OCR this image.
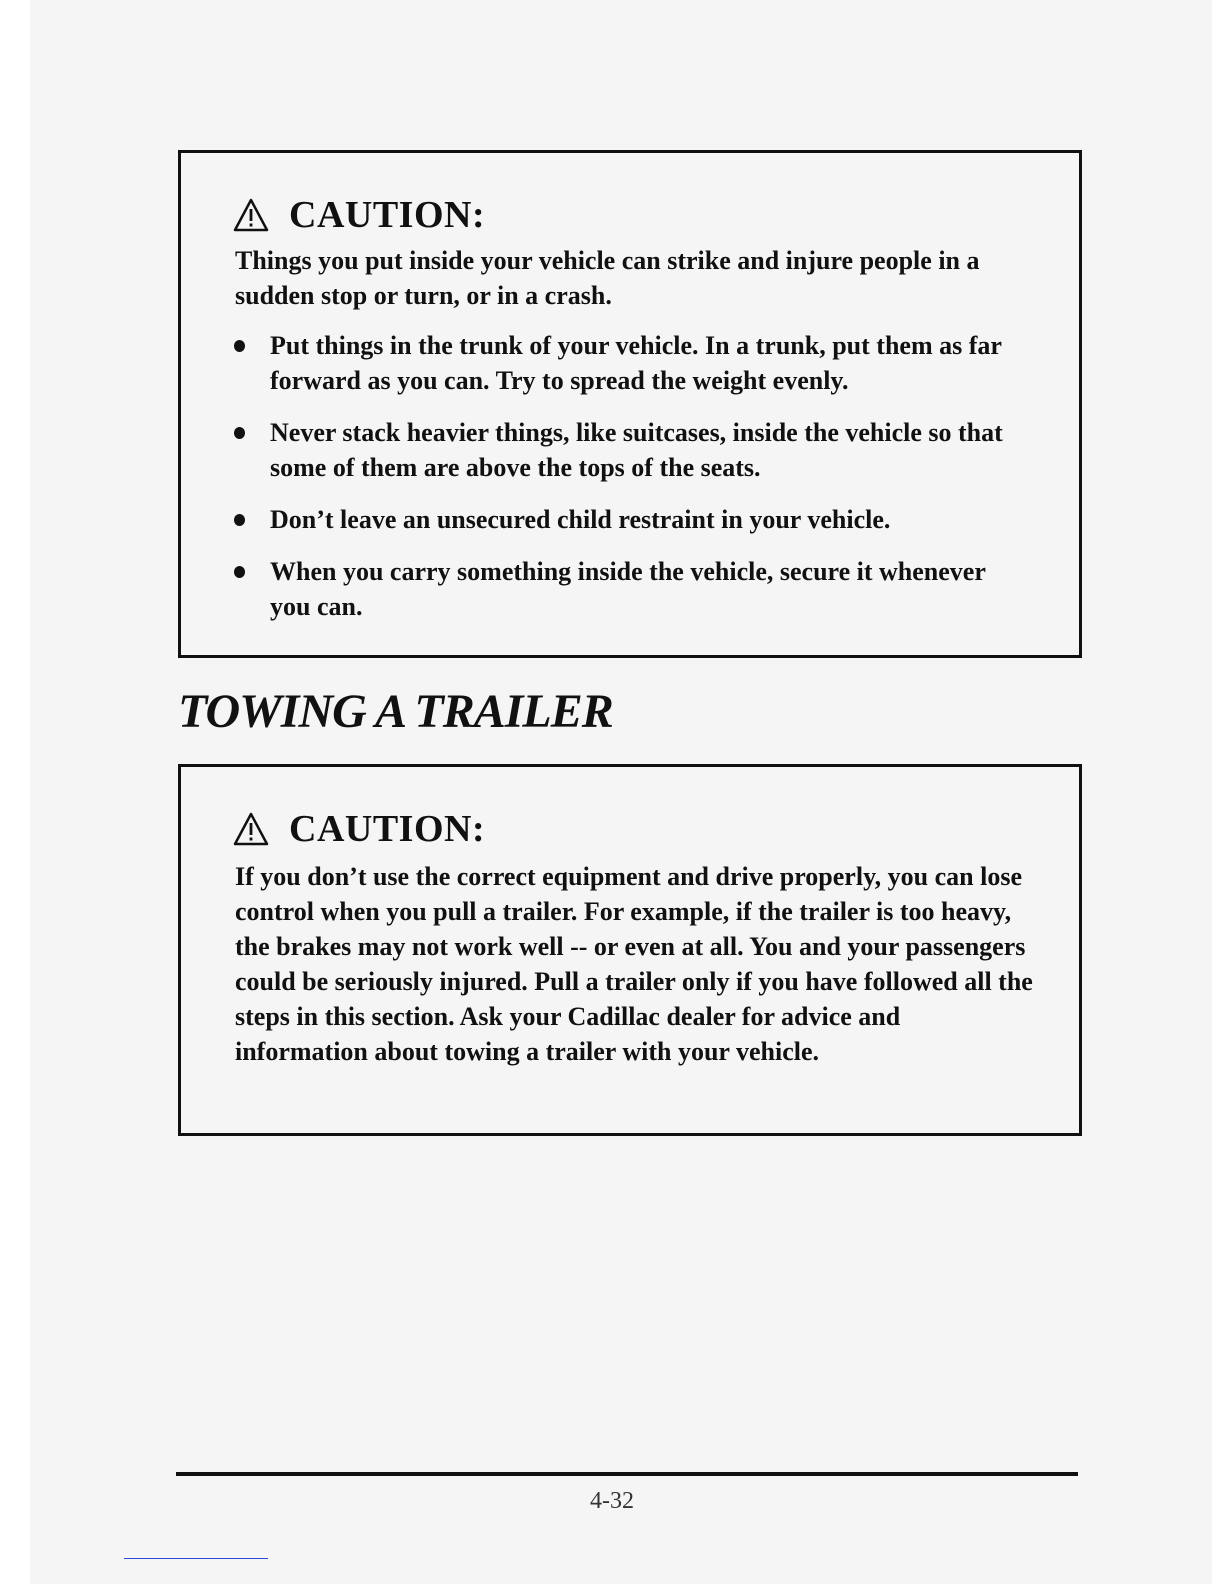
CAUTION:
Things you put inside your vehicle can strike and injure people in a sudden stop or turn, or in a crash.
Put things in the trunk of your vehicle. In a trunk, put them as far forward as you can. Try to spread the weight evenly.
Never stack heavier things, like suitcases, inside the vehicle so that some of them are above the tops of the seats.
Don’t leave an unsecured child restraint in your vehicle.
When you carry something inside the vehicle, secure it whenever you can.
TOWING A TRAILER
CAUTION:
If you don’t use the correct equipment and drive properly, you can lose control when you pull a trailer. For example, if the trailer is too heavy, the brakes may not work well -- or even at all. You and your passengers could be seriously injured. Pull a trailer only if you have followed all the steps in this section. Ask your Cadillac dealer for advice and information about towing a trailer with your vehicle.
4-32
